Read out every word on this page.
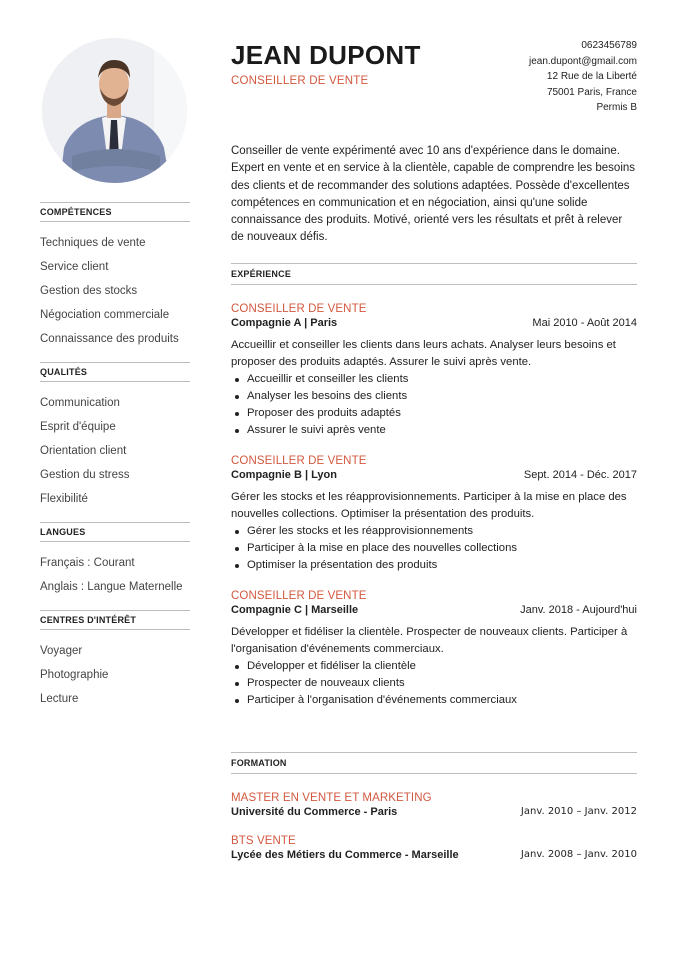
COMPÉTENCES
Techniques de vente
Service client
Gestion des stocks
Négociation commerciale
Connaissance des produits
QUALITÉS
Communication
Esprit d'équipe
Orientation client
Gestion du stress
Flexibilité
LANGUES
Français : Courant
Anglais : Langue Maternelle
CENTRES D'INTÉRÊT
Voyager
Photographie
Lecture
JEAN DUPONT
CONSEILLER DE VENTE
0623456789
jean.dupont@gmail.com
12 Rue de la Liberté
75001 Paris, France
Permis B
Conseiller de vente expérimenté avec 10 ans d'expérience dans le domaine. Expert en vente et en service à la clientèle, capable de comprendre les besoins des clients et de recommander des solutions adaptées. Possède d'excellentes compétences en communication et en négociation, ainsi qu'une solide connaissance des produits. Motivé, orienté vers les résultats et prêt à relever de nouveaux défis.
EXPÉRIENCE
CONSEILLER DE VENTE
Compagnie A | Paris	Mai 2010 - Août 2014
Accueillir et conseiller les clients dans leurs achats. Analyser leurs besoins et proposer des produits adaptés. Assurer le suivi après vente.
Accueillir et conseiller les clients
Analyser les besoins des clients
Proposer des produits adaptés
Assurer le suivi après vente
CONSEILLER DE VENTE
Compagnie B | Lyon	Sept. 2014 - Déc. 2017
Gérer les stocks et les réapprovisionnements. Participer à la mise en place des nouvelles collections. Optimiser la présentation des produits.
Gérer les stocks et les réapprovisionnements
Participer à la mise en place des nouvelles collections
Optimiser la présentation des produits
CONSEILLER DE VENTE
Compagnie C | Marseille	Janv. 2018 - Aujourd'hui
Développer et fidéliser la clientèle. Prospecter de nouveaux clients. Participer à l'organisation d'événements commerciaux.
Développer et fidéliser la clientèle
Prospecter de nouveaux clients
Participer à l'organisation d'événements commerciaux
FORMATION
MASTER EN VENTE ET MARKETING
Université du Commerce - Paris	Janv. 2010 – Janv. 2012
BTS VENTE
Lycée des Métiers du Commerce - Marseille	Janv. 2008 – Janv. 2010
